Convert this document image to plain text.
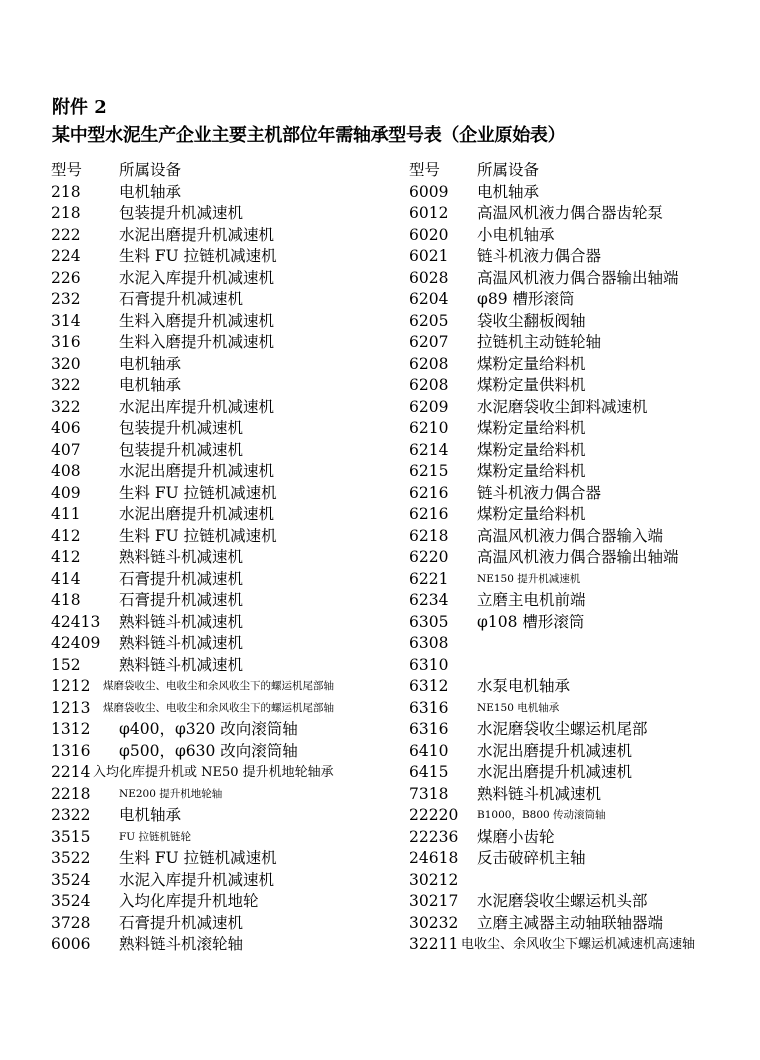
附件 2
某中型水泥生产企业主要主机部位年需轴承型号表（企业原始表）
型号 所属设备
218 电机轴承
218 包装提升机减速机
222 水泥出磨提升机减速机
224 生料 FU 拉链机减速机
226 水泥入库提升机减速机
232 石膏提升机减速机
314 生料入磨提升机减速机
316 生料入磨提升机减速机
320 电机轴承
322 电机轴承
322 水泥出库提升机减速机
406 包装提升机减速机
407 包装提升机减速机
408 水泥出磨提升机减速机
409 生料 FU 拉链机减速机
411 水泥出磨提升机减速机
412 生料 FU 拉链机减速机
412 熟料链斗机减速机
414 石膏提升机减速机
418 石膏提升机减速机
42413 熟料链斗机减速机
42409 熟料链斗机减速机
152 熟料链斗机减速机
1212 煤磨袋收尘、电收尘和余风收尘下的螺运机尾部轴
1213 煤磨袋收尘、电收尘和余风收尘下的螺运机尾部轴
1312 φ400，φ320 改向滚筒轴
1316 φ500，φ630 改向滚筒轴
2214 入均化库提升机或 NE50 提升机地轮轴承
2218	NE200 提升机地轮轴
2322 电机轴承
3515	FU 拉链机链轮
3522 生料 FU 拉链机减速机
3524 水泥入库提升机减速机
3524 入均化库提升机地轮
3728 石膏提升机减速机
6006 熟料链斗机滚轮轴
型号 所属设备
6009 电机轴承
6012 高温风机液力偶合器齿轮泵
6020 小电机轴承
6021 链斗机液力偶合器
6028 高温风机液力偶合器输出轴端
6204 φ89 槽形滚筒
6205 袋收尘翻板阀轴
6207 拉链机主动链轮轴
6208 煤粉定量给料机
6208 煤粉定量供料机
6209 水泥磨袋收尘卸料减速机
6210 煤粉定量给料机
6214 煤粉定量给料机
6215 煤粉定量给料机
6216 链斗机液力偶合器
6216 煤粉定量给料机
6218 高温风机液力偶合器输入端
6220 高温风机液力偶合器输出轴端
6221	NE150 提升机减速机
6234 立磨主电机前端
6305 φ108 槽形滚筒
6308
6310
6312 水泵电机轴承
6316	NE150 电机轴承
6316 水泥磨袋收尘螺运机尾部
6410 水泥出磨提升机减速机
6415 水泥出磨提升机减速机
7318 熟料链斗机减速机
22220 B1000，B800 传动滚筒轴
22236 煤磨小齿轮
24618 反击破碎机主轴
30212
30217 水泥磨袋收尘螺运机头部
30232 立磨主减器主动轴联轴器端
32211 电收尘、余风收尘下螺运机减速机高速轴
